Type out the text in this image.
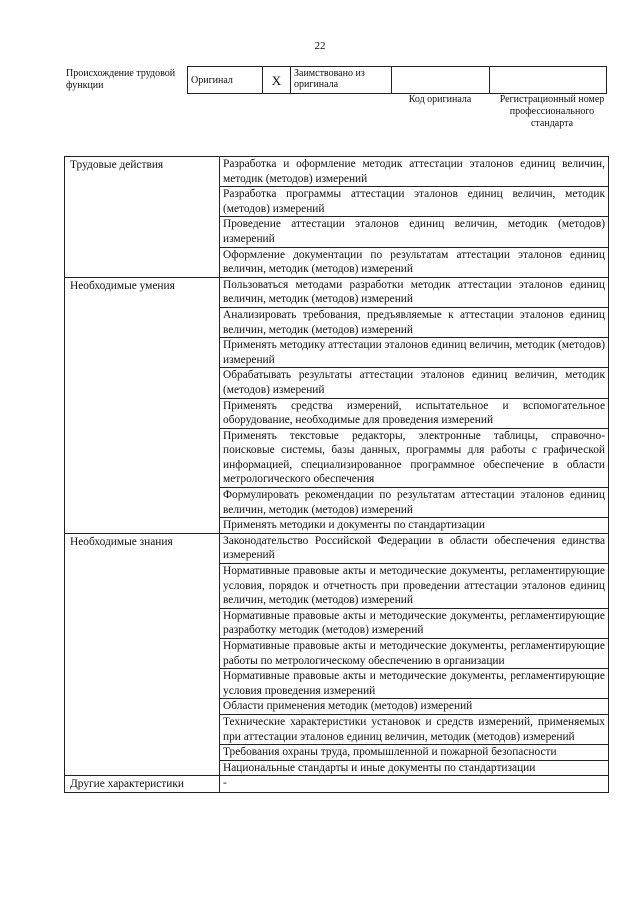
22
Происхождение трудовой функции	Оригинал	X	Заимствовано из оригинала		
Код оригинала	Регистрационный номер профессионального стандарта
Трудовые действия	Разработка и оформление методик аттестации эталонов единиц величин, методик (методов) измерений
	Разработка программы аттестации эталонов единиц величин, методик (методов) измерений
	Проведение аттестации эталонов единиц величин, методик (методов) измерений
	Оформление документации по результатам аттестации эталонов единиц величин, методик (методов) измерений
Необходимые умения	Пользоваться методами разработки методик аттестации эталонов единиц величин, методик (методов) измерений
	Анализировать требования, предъявляемые к аттестации эталонов единиц величин, методик (методов) измерений
	Применять методику аттестации эталонов единиц величин, методик (методов) измерений
	Обрабатывать результаты аттестации эталонов единиц величин, методик (методов) измерений
	Применять средства измерений, испытательное и вспомогательное оборудование, необходимые для проведения измерений
	Применять текстовые редакторы, электронные таблицы, справочно-поисковые системы, базы данных, программы для работы с графической информацией, специализированное программное обеспечение в области метрологического обеспечения
	Формулировать рекомендации по результатам аттестации эталонов единиц величин, методик (методов) измерений
	Применять методики и документы по стандартизации
Необходимые знания	Законодательство Российской Федерации в области обеспечения единства измерений
	Нормативные правовые акты и методические документы, регламентирующие условия, порядок и отчетность при проведении аттестации эталонов единиц величин, методик (методов) измерений
	Нормативные правовые акты и методические документы, регламентирующие разработку методик (методов) измерений
	Нормативные правовые акты и методические документы, регламентирующие работы по метрологическому обеспечению в организации
	Нормативные правовые акты и методические документы, регламентирующие условия проведения измерений
	Области применения методик (методов) измерений
	Технические характеристики установок и средств измерений, применяемых при аттестации эталонов единиц величин, методик (методов) измерений
	Требования охраны труда, промышленной и пожарной безопасности
	Национальные стандарты и иные документы по стандартизации
Другие характеристики	-
